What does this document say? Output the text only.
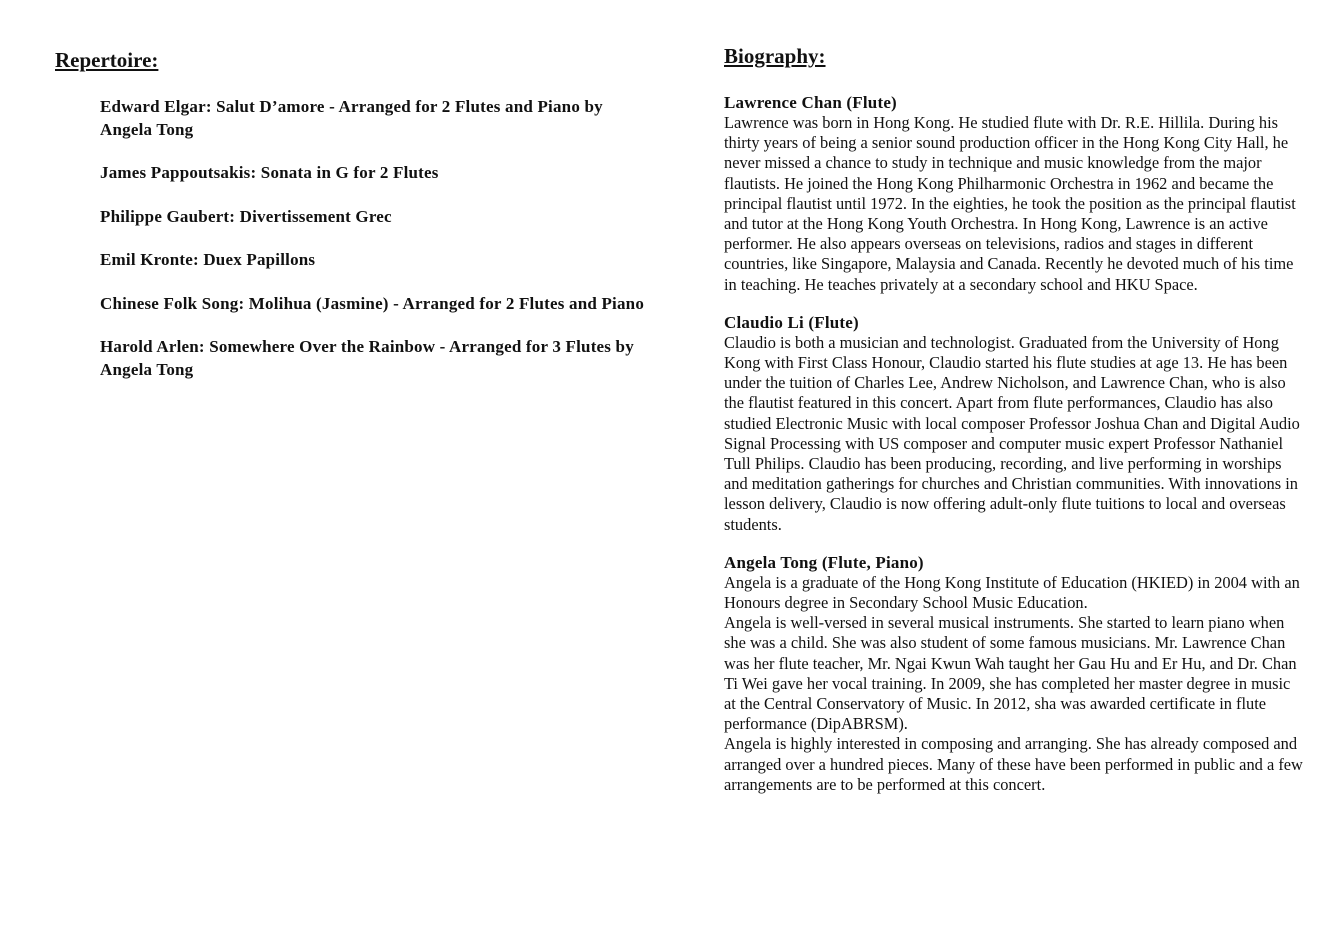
Repertoire:
Edward Elgar: Salut D’amore - Arranged for 2 Flutes and Piano by Angela Tong
James Pappoutsakis: Sonata in G for 2 Flutes
Philippe Gaubert: Divertissement Grec
Emil Kronte: Duex Papillons
Chinese Folk Song: Molihua (Jasmine) - Arranged for 2 Flutes and Piano
Harold Arlen: Somewhere Over the Rainbow - Arranged for 3 Flutes by Angela Tong
Biography:

Lawrence Chan (Flute)

Lawrence was born in Hong Kong. He studied flute with Dr. R.E. Hillila. During his thirty years of being a senior sound production officer in the Hong Kong City Hall, he never missed a chance to study in technique and music knowledge from the major flautists. He joined the Hong Kong Philharmonic Orchestra in 1962 and became the principal flautist until 1972. In the eighties, he took the position as the principal flautist and tutor at the Hong Kong Youth Orchestra. In Hong Kong, Lawrence is an active performer. He also appears overseas on televisions, radios and stages in different countries, like Singapore, Malaysia and Canada. Recently he devoted much of his time in teaching. He teaches privately at a secondary school and HKU Space.

Claudio Li (Flute)

Claudio is both a musician and technologist. Graduated from the University of Hong Kong with First Class Honour, Claudio started his flute studies at age 13. He has been under the tuition of Charles Lee, Andrew Nicholson, and Lawrence Chan, who is also the flautist featured in this concert. Apart from flute performances, Claudio has also studied Electronic Music with local composer Professor Joshua Chan and Digital Audio Signal Processing with US composer and computer music expert Professor Nathaniel Tull Philips. Claudio has been producing, recording, and live performing in worships and meditation gatherings for churches and Christian communities. With innovations in lesson delivery, Claudio is now offering adult-only flute tuitions to local and overseas students.

Angela Tong (Flute, Piano)

Angela is a graduate of the Hong Kong Institute of Education (HKIED) in 2004 with an Honours degree in Secondary School Music Education.
Angela is well-versed in several musical instruments. She started to learn piano when she was a child. She was also student of some famous musicians. Mr. Lawrence Chan was her flute teacher, Mr. Ngai Kwun Wah taught her Gau Hu and Er Hu, and Dr. Chan Ti Wei gave her vocal training. In 2009, she has completed her master degree in music at the Central Conservatory of Music. In 2012, sha was awarded certificate in flute performance (DipABRSM).
Angela is highly interested in composing and arranging. She has already composed and arranged over a hundred pieces. Many of these have been performed in public and a few arrangements are to be performed at this concert.
